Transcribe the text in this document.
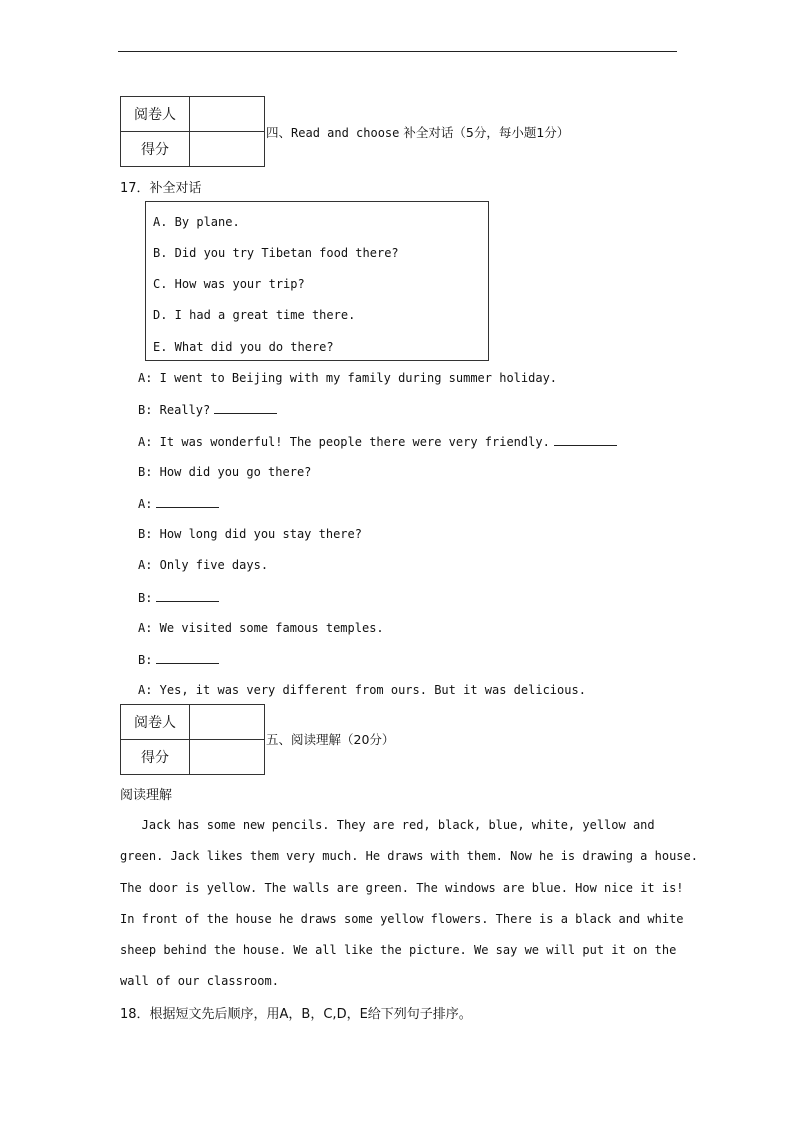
阅卷人	
得分	
四、Read and choose 补全对话（5分，每小题1分）
17．补全对话
A. By plane.
B. Did you try Tibetan food there?
C. How was your trip?
D. I had a great time there.
E. What did you do there?
A: I went to Beijing with my family during summer holiday.
B: Really?
A: It was wonderful! The people there were very friendly.
B: How did you go there?
A:
B: How long did you stay there?
A: Only five days.
B:
A: We visited some famous temples.
B:
A: Yes, it was very different from ours. But it was delicious.
阅卷人	
得分	
五、阅读理解（20分）
阅读理解
Jack has some new pencils. They are red, black, blue, white, yellow and
green. Jack likes them very much. He draws with them. Now he is drawing a house.
The door is yellow. The walls are green. The windows are blue. How nice it is!
In front of the house he draws some yellow flowers. There is a black and white
sheep behind the house. We all like the picture. We say we will put it on the
wall of our classroom.
18．根据短文先后顺序，用A，B，C,D，E给下列句子排序。
